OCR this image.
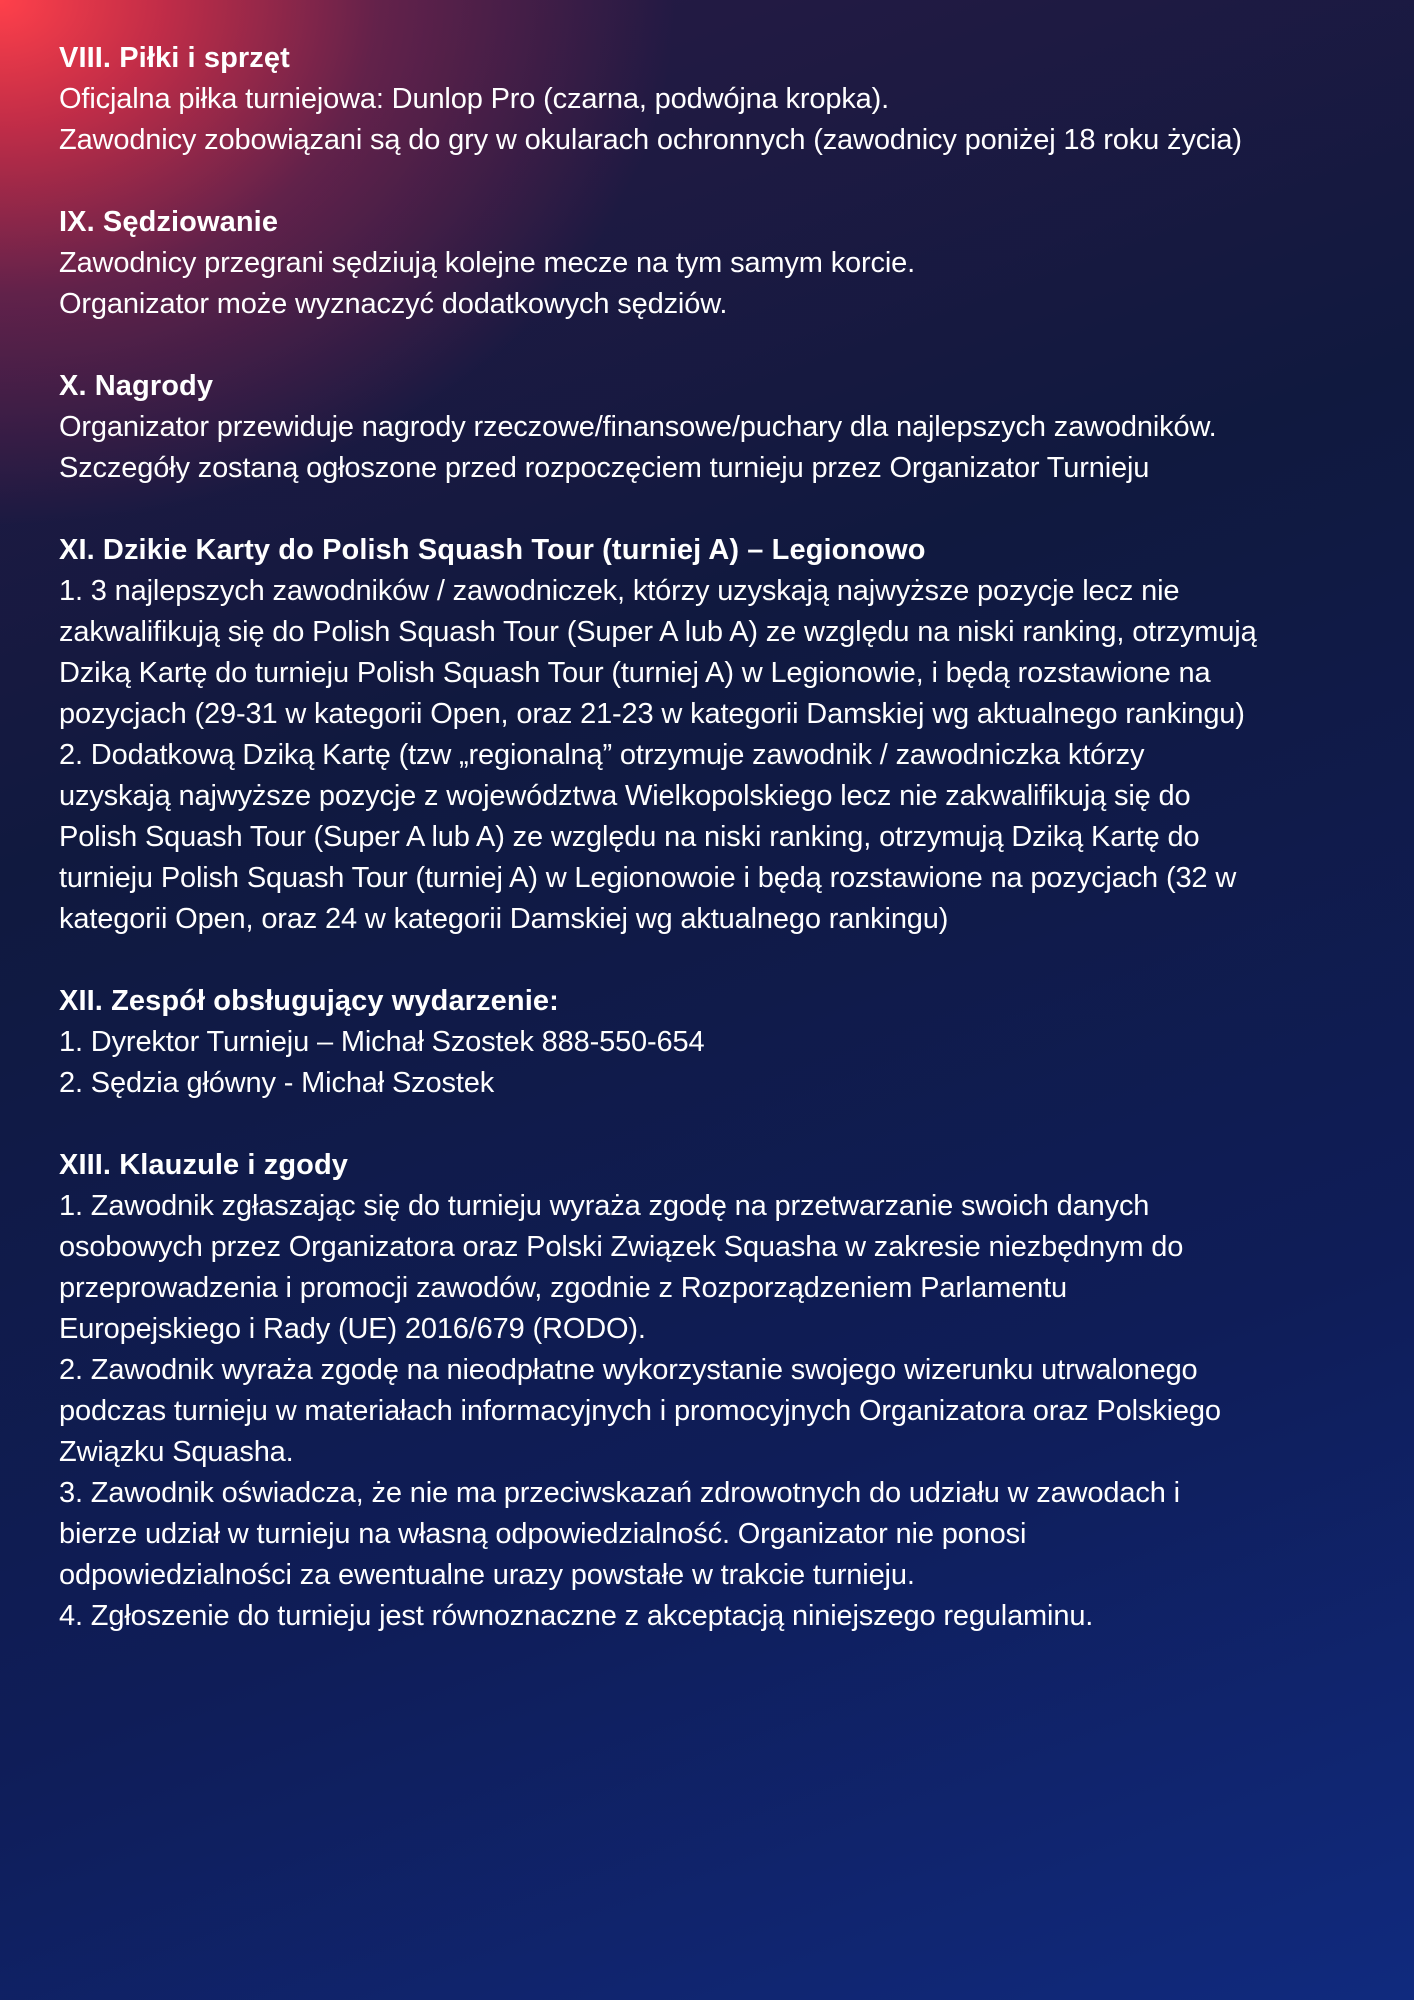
VIII. Piłki i sprzęt

Oficjalna piłka turniejowa: Dunlop Pro (czarna, podwójna kropka).

Zawodnicy zobowiązani są do gry w okularach ochronnych (zawodnicy poniżej 18 roku życia)

IX. Sędziowanie

Zawodnicy przegrani sędziują kolejne mecze na tym samym korcie.

Organizator może wyznaczyć dodatkowych sędziów.

X. Nagrody

Organizator przewiduje nagrody rzeczowe/finansowe/puchary dla najlepszych zawodników.

Szczegóły zostaną ogłoszone przed rozpoczęciem turnieju przez Organizator Turnieju

XI. Dzikie Karty do Polish Squash Tour (turniej A) – Legionowo

1. 3 najlepszych zawodników / zawodniczek, którzy uzyskają najwyższe pozycje lecz nie

zakwalifikują się do Polish Squash Tour (Super A lub A) ze względu na niski ranking, otrzymują

Dziką Kartę do turnieju Polish Squash Tour (turniej A) w Legionowie, i będą rozstawione na

pozycjach (29-31 w kategorii Open, oraz 21-23 w kategorii Damskiej wg aktualnego rankingu)

2. Dodatkową Dziką Kartę (tzw „regionalną” otrzymuje zawodnik / zawodniczka którzy

uzyskają najwyższe pozycje z województwa Wielkopolskiego lecz nie zakwalifikują się do

Polish Squash Tour (Super A lub A) ze względu na niski ranking, otrzymują Dziką Kartę do

turnieju Polish Squash Tour (turniej A) w Legionowoie i będą rozstawione na pozycjach (32 w

kategorii Open, oraz 24 w kategorii Damskiej wg aktualnego rankingu)

XII. Zespół obsługujący wydarzenie:

1. Dyrektor Turnieju – Michał Szostek 888-550-654

2. Sędzia główny - Michał Szostek

XIII. Klauzule i zgody

1. Zawodnik zgłaszając się do turnieju wyraża zgodę na przetwarzanie swoich danych

osobowych przez Organizatora oraz Polski Związek Squasha w zakresie niezbędnym do

przeprowadzenia i promocji zawodów, zgodnie z Rozporządzeniem Parlamentu

Europejskiego i Rady (UE) 2016/679 (RODO).

2. Zawodnik wyraża zgodę na nieodpłatne wykorzystanie swojego wizerunku utrwalonego

podczas turnieju w materiałach informacyjnych i promocyjnych Organizatora oraz Polskiego

Związku Squasha.

3. Zawodnik oświadcza, że nie ma przeciwskazań zdrowotnych do udziału w zawodach i

bierze udział w turnieju na własną odpowiedzialność. Organizator nie ponosi

odpowiedzialności za ewentualne urazy powstałe w trakcie turnieju.

4. Zgłoszenie do turnieju jest równoznaczne z akceptacją niniejszego regulaminu.
